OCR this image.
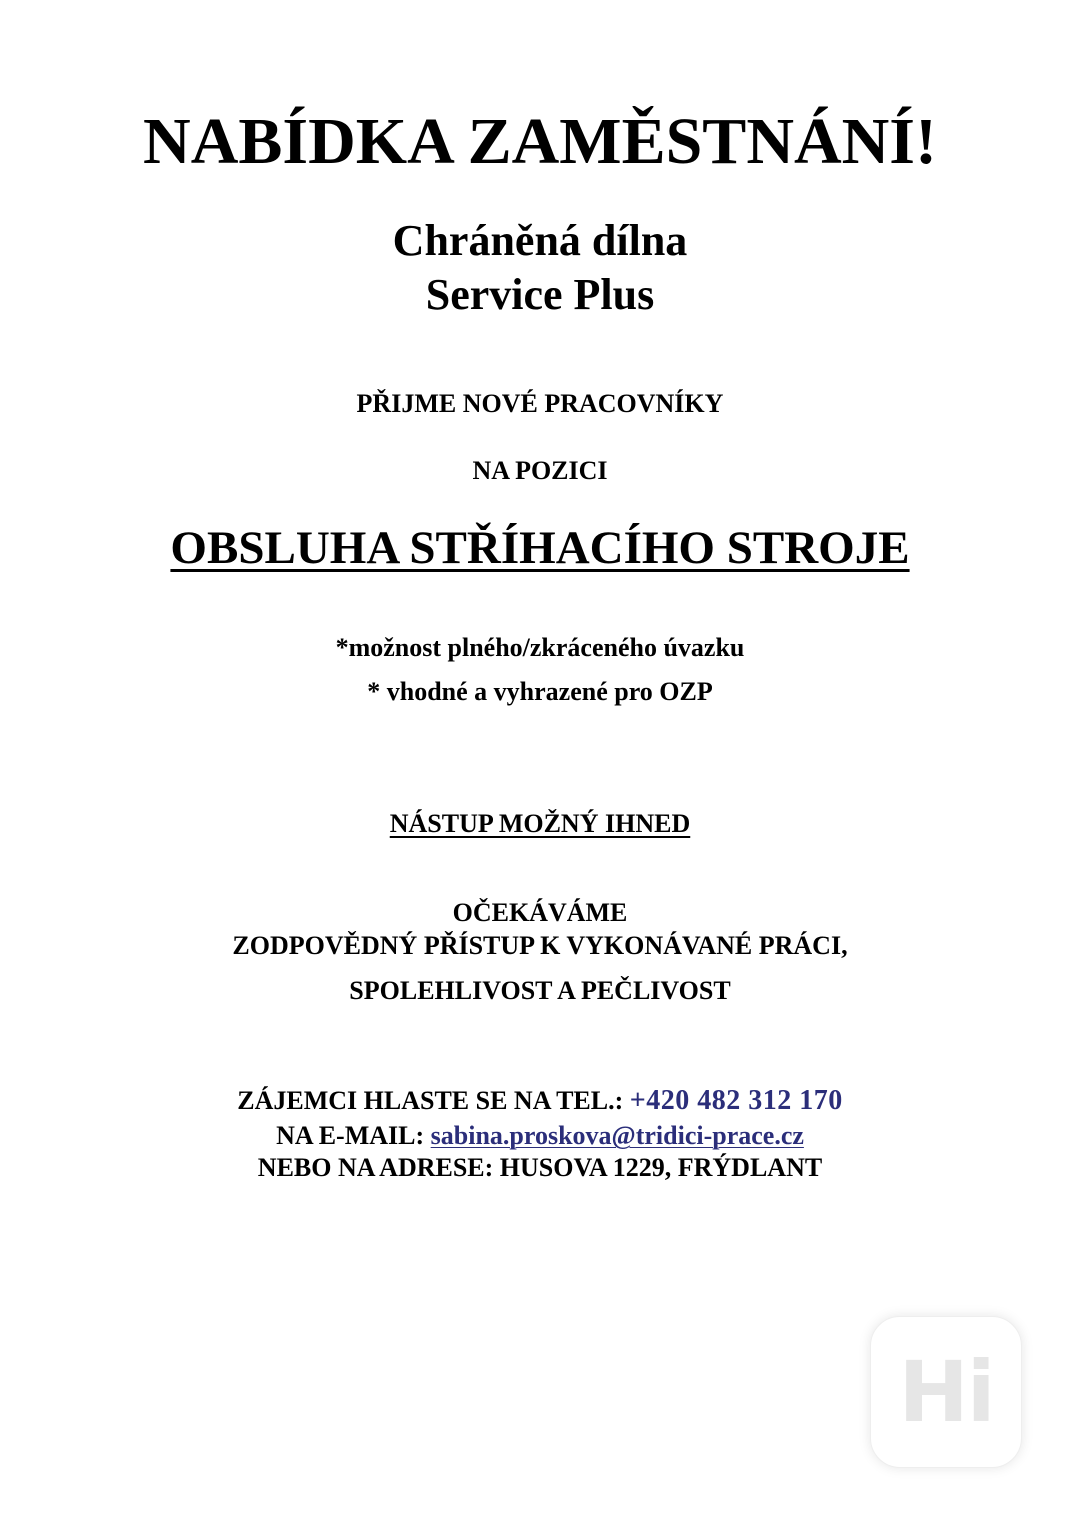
NABÍDKA ZAMĚSTNÁNÍ!
Chráněná dílna
Service Plus
PŘIJME NOVÉ PRACOVNÍKY
NA POZICI
OBSLUHA STŘÍHACÍHO STROJE
*možnost plného/zkráceného úvazku
* vhodné a vyhrazené pro OZP
NÁSTUP MOŽNÝ IHNED
OČEKÁVÁME
ZODPOVĚDNÝ PŘÍSTUP K VYKONÁVANÉ PRÁCI,
SPOLEHLIVOST A PEČLIVOST
ZÁJEMCI HLASTE SE NA TEL.: +420 482 312 170
NA E-MAIL: sabina.proskova@tridici-prace.cz
NEBO NA ADRESE: HUSOVA 1229, FRÝDLANT
Hi
